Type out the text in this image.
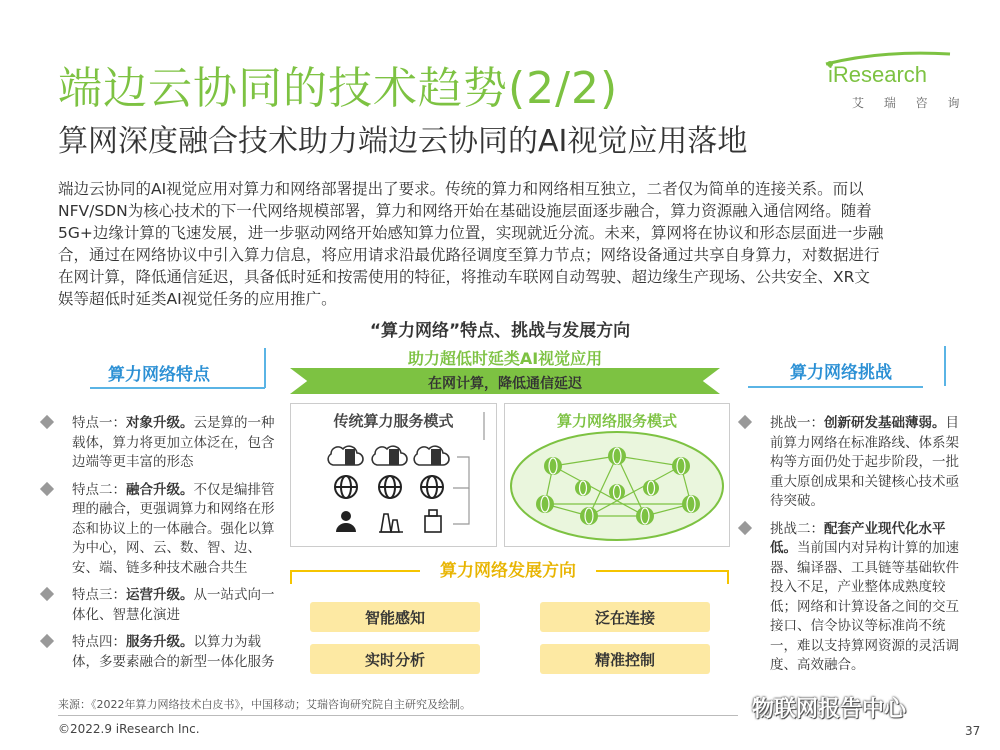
端边云协同的技术趋势(2/2)
算网深度融合技术助力端边云协同的AI视觉应用落地
iResearch
艾 瑞 咨 询
端边云协同的AI视觉应用对算力和网络部署提出了要求。传统的算力和网络相互独立，二者仅为简单的连接关系。而以
NFV/SDN为核心技术的下一代网络规模部署，算力和网络开始在基础设施层面逐步融合，算力资源融入通信网络。随着
5G+边缘计算的飞速发展，进一步驱动网络开始感知算力位置，实现就近分流。未来，算网将在协议和形态层面进一步融
合，通过在网络协议中引入算力信息，将应用请求沿最优路径调度至算力节点；网络设备通过共享自身算力，对数据进行
在网计算，降低通信延迟，具备低时延和按需使用的特征，将推动车联网自动驾驶、超边缘生产现场、公共安全、XR文
娱等超低时延类AI视觉任务的应用推广。
“算力网络”特点、挑战与发展方向
算力网络特点
特点一：对象升级。云是算的一种载体，算力将更加立体泛在，包含边端等更丰富的形态
特点二：融合升级。不仅是编排管理的融合，更强调算力和网络在形态和协议上的一体融合。强化以算为中心，网、云、数、智、边、安、端、链多种技术融合共生
特点三：运营升级。从一站式向一体化、智慧化演进
特点四：服务升级。以算力为载体，多要素融合的新型一体化服务
算力网络挑战
挑战一：创新研发基础薄弱。目前算力网络在标准路线、体系架构等方面仍处于起步阶段，一批重大原创成果和关键核心技术亟待突破。
挑战二：配套产业现代化水平低。当前国内对异构计算的加速器、编译器、工具链等基础软件投入不足，产业整体成熟度较低；网络和计算设备之间的交互接口、信令协议等标准尚不统一，难以支持算网资源的灵活调度、高效融合。
助力超低时延类AI视觉应用
在网计算，降低通信延迟
传统算力服务模式	算力网络服务模式
算力网络发展方向
智能感知	泛在连接
实时分析	精准控制
来源：《2022年算力网络技术白皮书》，中国移动；艾瑞咨询研究院自主研究及绘制。
©2022.9 iResearch Inc.	37
物联网报告中心
